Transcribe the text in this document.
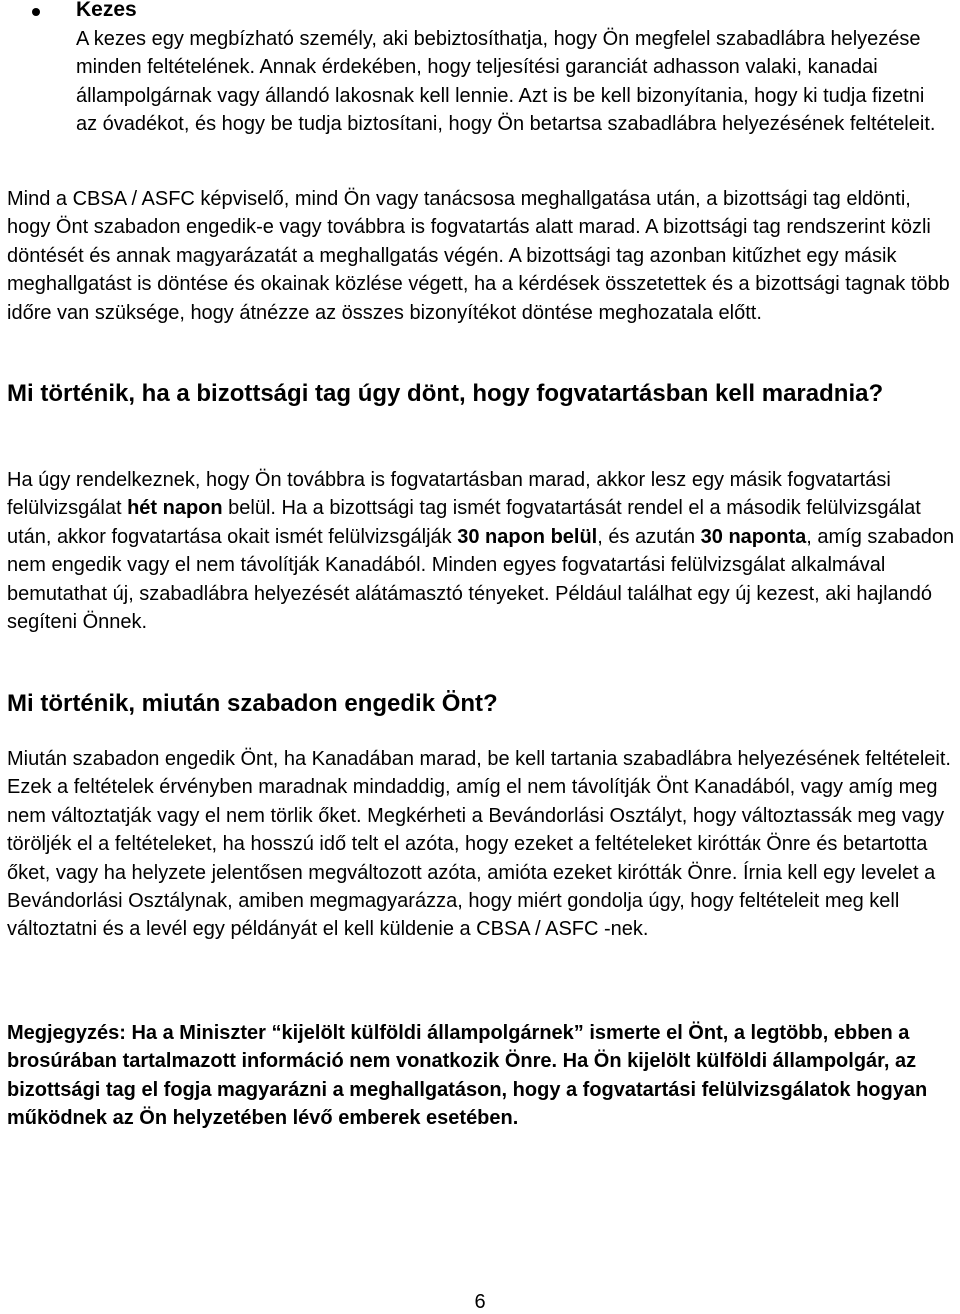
Kezes
A kezes egy megbízható személy, aki bebiztosíthatja, hogy Ön megfelel szabadlábra helyezése minden feltételének. Annak érdekében, hogy teljesítési garanciát adhasson valaki, kanadai állampolgárnak vagy állandó lakosnak kell lennie. Azt is be kell bizonyítania, hogy ki tudja fizetni az óvadékot, és hogy be tudja biztosítani, hogy Ön betartsa szabadlábra helyezésének feltételeit.
Mind a CBSA / ASFC képviselő, mind Ön vagy tanácsosa meghallgatása után, a bizottsági tag eldönti, hogy Önt szabadon engedik-e vagy továbbra is fogvatartás alatt marad. A bizottsági tag rendszerint közli döntését és annak magyarázatát a meghallgatás végén. A bizottsági tag azonban kitűzhet egy másik meghallgatást is döntése és okainak közlése végett, ha a kérdések összetettek és a bizottsági tagnak több időre van szüksége, hogy átnézze az összes bizonyítékot döntése meghozatala előtt.
Mi történik, ha a bizottsági tag úgy dönt, hogy fogvatartásban kell maradnia?
Ha úgy rendelkeznek, hogy Ön továbbra is fogvatartásban marad, akkor lesz egy másik fogvatartási felülvizsgálat hét napon belül. Ha a bizottsági tag ismét fogvatartását rendel el a második felülvizsgálat után, akkor fogvatartása okait ismét felülvizsgálják 30 napon belül, és azután 30 naponta, amíg szabadon nem engedik vagy el nem távolítják Kanadából. Minden egyes fogvatartási felülvizsgálat alkalmával bemutathat új, szabadlábra helyezését alátámasztó tényeket. Például találhat egy új kezest, aki hajlandó segíteni Önnek.
Mi történik, miután szabadon engedik Önt?
Miután szabadon engedik Önt, ha Kanadában marad, be kell tartania szabadlábra helyezésének feltételeit. Ezek a feltételek érvényben maradnak mindaddig, amíg el nem távolítják Önt Kanadából, vagy amíg meg nem változtatják vagy el nem törlik őket. Megkérheti a Bevándorlási Osztályt, hogy változtassák meg vagy töröljék el a feltételeket, ha hosszú idő telt el azóta, hogy ezeket a feltételeket kiróttáк Önre és betartotta őket, vagy ha helyzete jelentősen megváltozott azóta, amióta ezeket kirótták Önre. Írnia kell egy levelet a Bevándorlási Osztálynak, amiben megmagyarázza, hogy miért gondolja úgy, hogy feltételeit meg kell változtatni és a levél egy példányát el kell küldenie a CBSA / ASFC -nek.
Megjegyzés: Ha a Miniszter “kijelölt külföldi állampolgárnek” ismerte el Önt, a legtöbb, ebben a brosúrában tartalmazott információ nem vonatkozik Önre. Ha Ön kijelölt külföldi állampolgár, az bizottsági tag el fogja magyarázni a meghallgatáson, hogy a fogvatartási felülvizsgálatok hogyan működnek az Ön helyzetében lévő emberek esetében.
6
